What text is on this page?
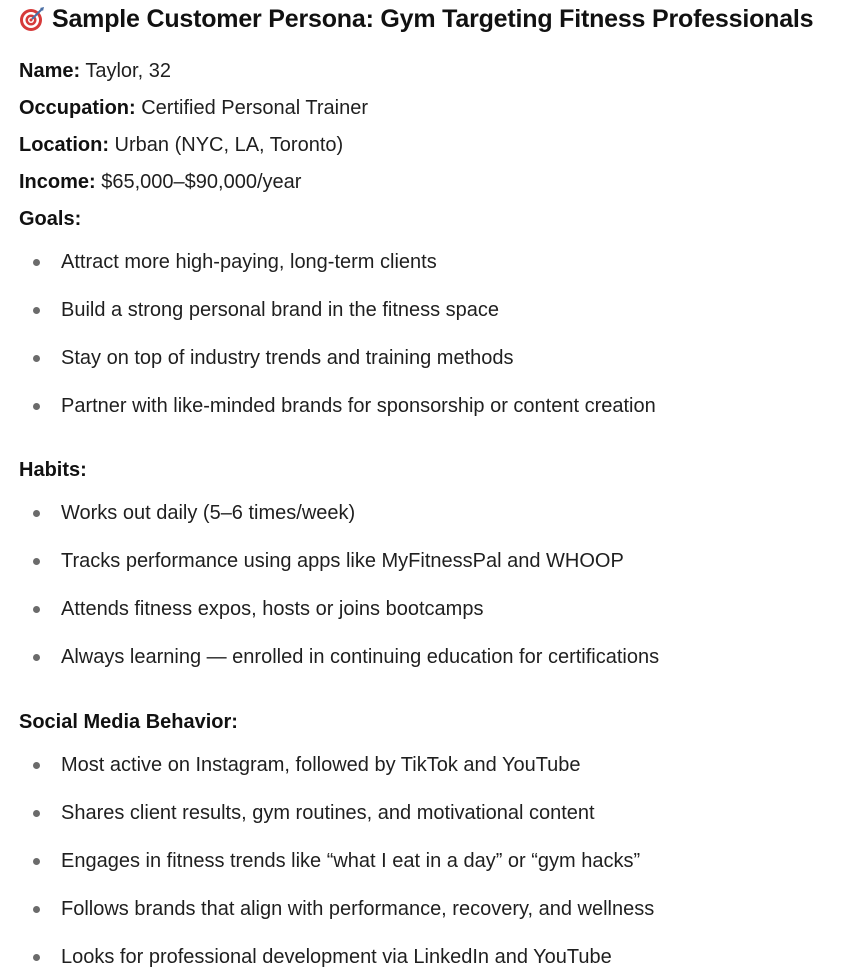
Sample Customer Persona: Gym Targeting Fitness Professionals
Name: Taylor, 32
Occupation: Certified Personal Trainer
Location: Urban (NYC, LA, Toronto)
Income: $65,000–$90,000/year
Goals:
Attract more high-paying, long-term clients
Build a strong personal brand in the fitness space
Stay on top of industry trends and training methods
Partner with like-minded brands for sponsorship or content creation
Habits:
Works out daily (5–6 times/week)
Tracks performance using apps like MyFitnessPal and WHOOP
Attends fitness expos, hosts or joins bootcamps
Always learning — enrolled in continuing education for certifications
Social Media Behavior:
Most active on Instagram, followed by TikTok and YouTube
Shares client results, gym routines, and motivational content
Engages in fitness trends like “what I eat in a day” or “gym hacks”
Follows brands that align with performance, recovery, and wellness
Looks for professional development via LinkedIn and YouTube
